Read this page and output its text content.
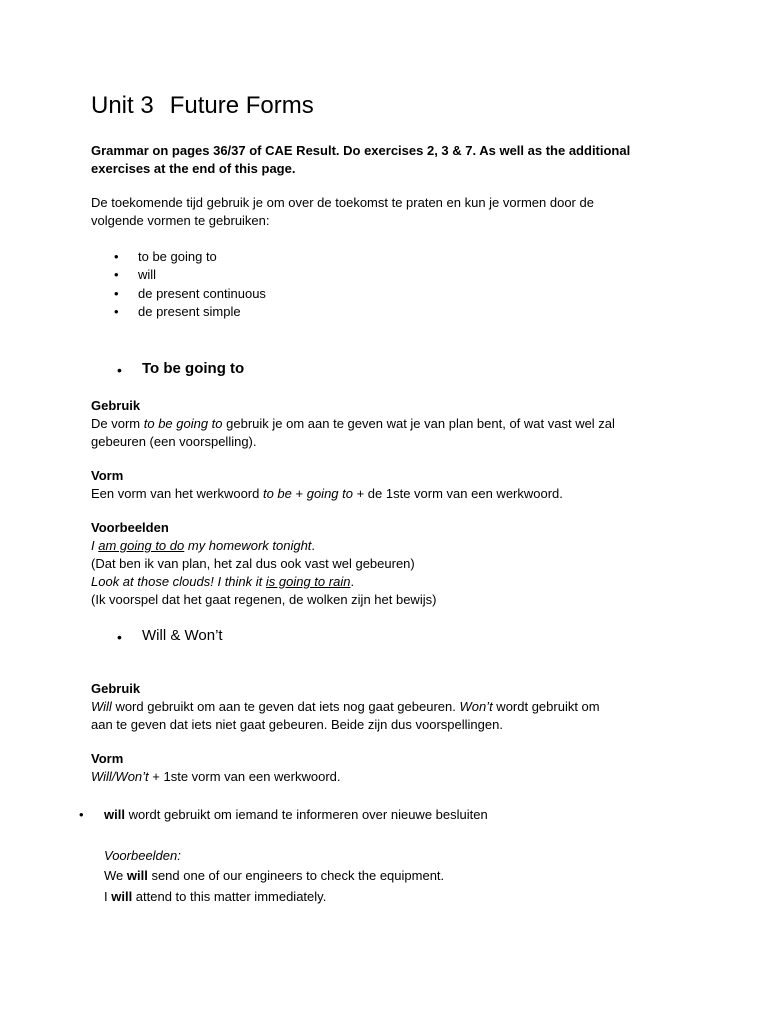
Unit 3 Future Forms
Grammar on pages 36/37 of CAE Result. Do exercises 2, 3 & 7. As well as the additional
exercises at the end of this page.
De toekomende tijd gebruik je om over de toekomst te praten en kun je vormen door de
volgende vormen te gebruiken:
• to be going to
• will
• de present continuous
• de present simple
• To be going to
Gebruik
De vorm to be going to gebruik je om aan te geven wat je van plan bent, of wat vast wel zal
gebeuren (een voorspelling).
Vorm
Een vorm van het werkwoord to be + going to + de 1ste vorm van een werkwoord.
Voorbeelden
I am going to do my homework tonight.
(Dat ben ik van plan, het zal dus ook vast wel gebeuren)
Look at those clouds! I think it is going to rain.
(Ik voorspel dat het gaat regenen, de wolken zijn het bewijs)
• Will & Won’t
Gebruik
Will word gebruikt om aan te geven dat iets nog gaat gebeuren. Won’t wordt gebruikt om
aan te geven dat iets niet gaat gebeuren. Beide zijn dus voorspellingen.
Vorm
Will/Won’t + 1ste vorm van een werkwoord.
• will wordt gebruikt om iemand te informeren over nieuwe besluiten
Voorbeelden:
We will send one of our engineers to check the equipment.
I will attend to this matter immediately.
